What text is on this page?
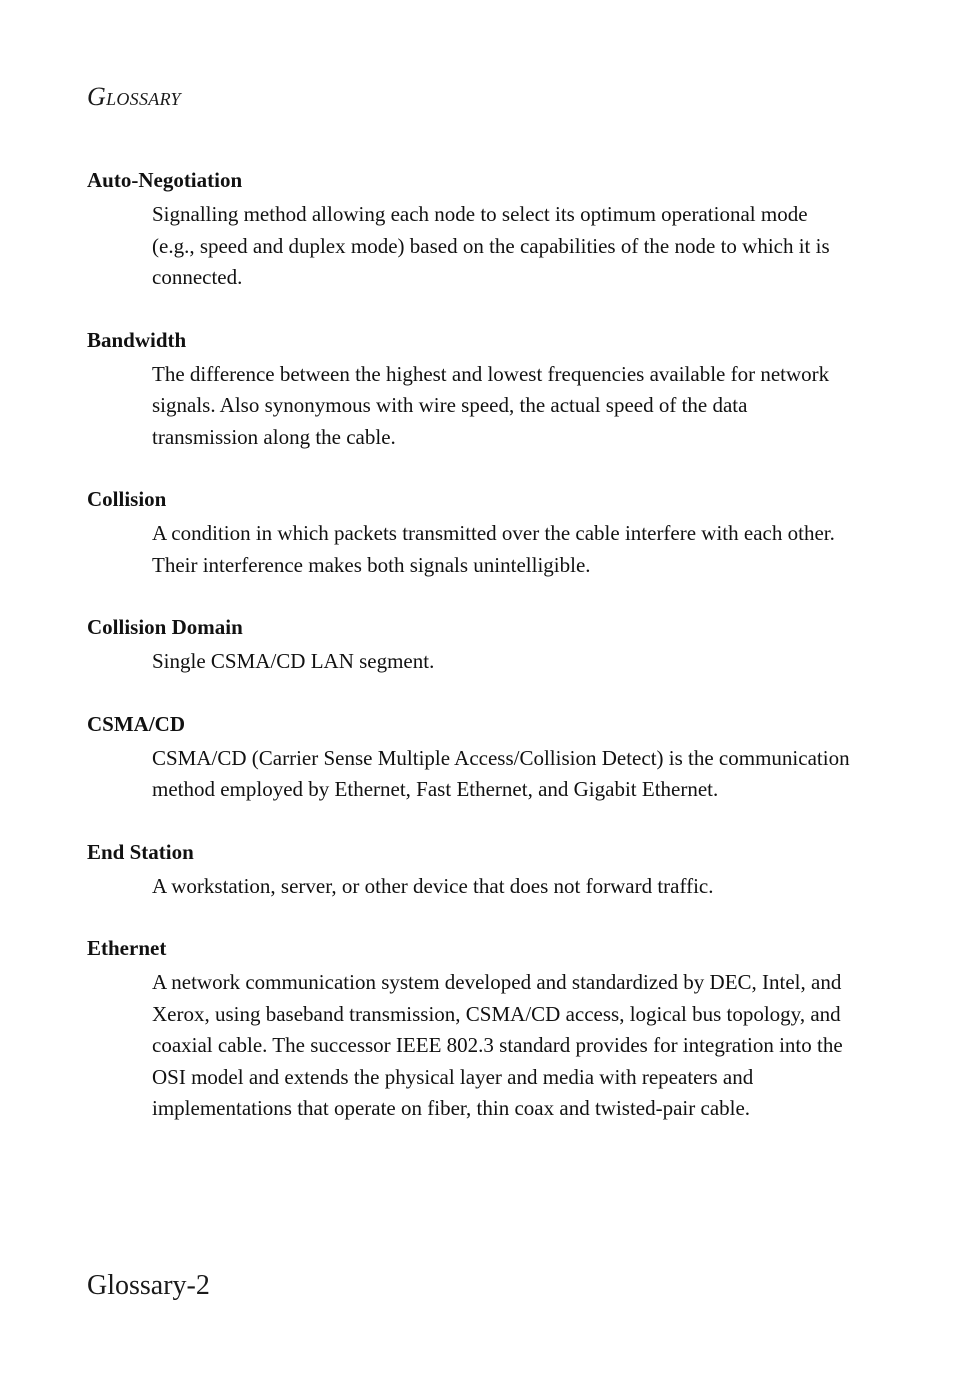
Glossary
Auto-Negotiation
Signalling method allowing each node to select its optimum operational mode (e.g., speed and duplex mode) based on the capabilities of the node to which it is connected.
Bandwidth
The difference between the highest and lowest frequencies available for network signals. Also synonymous with wire speed, the actual speed of the data transmission along the cable.
Collision
A condition in which packets transmitted over the cable interfere with each other. Their interference makes both signals unintelligible.
Collision Domain
Single CSMA/CD LAN segment.
CSMA/CD
CSMA/CD (Carrier Sense Multiple Access/Collision Detect) is the communication method employed by Ethernet, Fast Ethernet, and Gigabit Ethernet.
End Station
A workstation, server, or other device that does not forward traffic.
Ethernet
A network communication system developed and standardized by DEC, Intel, and Xerox, using baseband transmission, CSMA/CD access, logical bus topology, and coaxial cable. The successor IEEE 802.3 standard provides for integration into the OSI model and extends the physical layer and media with repeaters and implementations that operate on fiber, thin coax and twisted-pair cable.
Glossary-2
